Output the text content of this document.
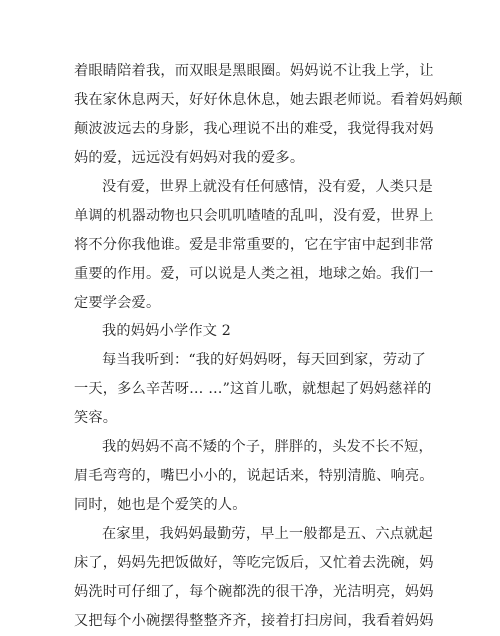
着眼睛陪着我，而双眼是黑眼圈。妈妈说不让我上学，让
我在家休息两天，好好休息休息，她去跟老师说。看着妈妈颠
颠波波远去的身影，我心理说不出的难受，我觉得我对妈
妈的爱，远远没有妈妈对我的爱多。
没有爱，世界上就没有任何感情，没有爱，人类只是
单调的机器动物也只会叽叽喳喳的乱叫，没有爱，世界上
将不分你我他谁。爱是非常重要的，它在宇宙中起到非常
重要的作用。爱，可以说是人类之祖，地球之始。我们一
定要学会爱。
我的妈妈小学作文 2
每当我听到：“我的好妈妈呀，每天回到家，劳动了
一天，多么辛苦呀… …”这首儿歌，就想起了妈妈慈祥的
笑容。
我的妈妈不高不矮的个子，胖胖的，头发不长不短，
眉毛弯弯的，嘴巴小小的，说起话来，特别清脆、响亮。
同时，她也是个爱笑的人。
在家里，我妈妈最勤劳，早上一般都是五、六点就起
床了，妈妈先把饭做好，等吃完饭后，又忙着去洗碗，妈
妈洗时可仔细了，每个碗都洗的很干净，光洁明亮，妈妈
又把每个小碗摆得整整齐齐，接着打扫房间，我看着妈妈
